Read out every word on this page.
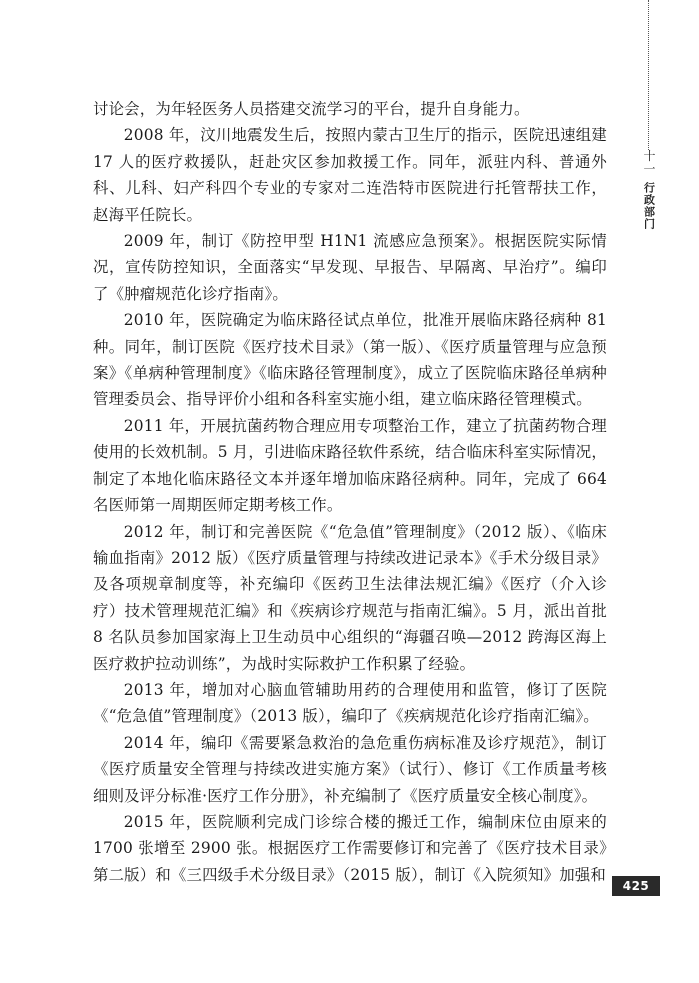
十一
行政部门

讨论会，为年轻医务人员搭建交流学习的平台，提升自身能力。

2008 年，汶川地震发生后，按照内蒙古卫生厅的指示，医院迅速组建 17 人的医疗救援队，赶赴灾区参加救援工作。同年，派驻内科、普通外科、儿科、妇产科四个专业的专家对二连浩特市医院进行托管帮扶工作，赵海平任院长。

2009 年，制订《防控甲型 H1N1 流感应急预案》。根据医院实际情况，宣传防控知识，全面落实“早发现、早报告、早隔离、早治疗”。编印了《肿瘤规范化诊疗指南》。

2010 年，医院确定为临床路径试点单位，批准开展临床路径病种 81 种。同年，制订医院《医疗技术目录》（第一版）、《医疗质量管理与应急预案》《单病种管理制度》《临床路径管理制度》，成立了医院临床路径单病种管理委员会、指导评价小组和各科室实施小组，建立临床路径管理模式。

2011 年，开展抗菌药物合理应用专项整治工作，建立了抗菌药物合理使用的长效机制。5 月，引进临床路径软件系统，结合临床科室实际情况，制定了本地化临床路径文本并逐年增加临床路径病种。同年，完成了 664 名医师第一周期医师定期考核工作。

2012 年，制订和完善医院《“危急值”管理制度》（2012 版）、《临床输血指南》2012 版）《医疗质量管理与持续改进记录本》《手术分级目录》及各项规章制度等，补充编印《医药卫生法律法规汇编》《医疗（介入诊疗）技术管理规范汇编》和《疾病诊疗规范与指南汇编》。5 月，派出首批 8 名队员参加国家海上卫生动员中心组织的“海疆召唤—2012 跨海区海上医疗救护拉动训练”，为战时实际救护工作积累了经验。

2013 年，增加对心脑血管辅助用药的合理使用和监管，修订了医院《“危急值”管理制度》（2013 版），编印了《疾病规范化诊疗指南汇编》。

2014 年，编印《需要紧急救治的急危重伤病标准及诊疗规范》，制订《医疗质量安全管理与持续改进实施方案》（试行）、修订《工作质量考核细则及评分标准·医疗工作分册》，补充编制了《医疗质量安全核心制度》。

2015 年，医院顺利完成门诊综合楼的搬迁工作，编制床位由原来的 1700 张增至 2900 张。根据医疗工作需要修订和完善了《医疗技术目录》第二版）和《三四级手术分级目录》（2015 版），制订《入院须知》加强和

425
